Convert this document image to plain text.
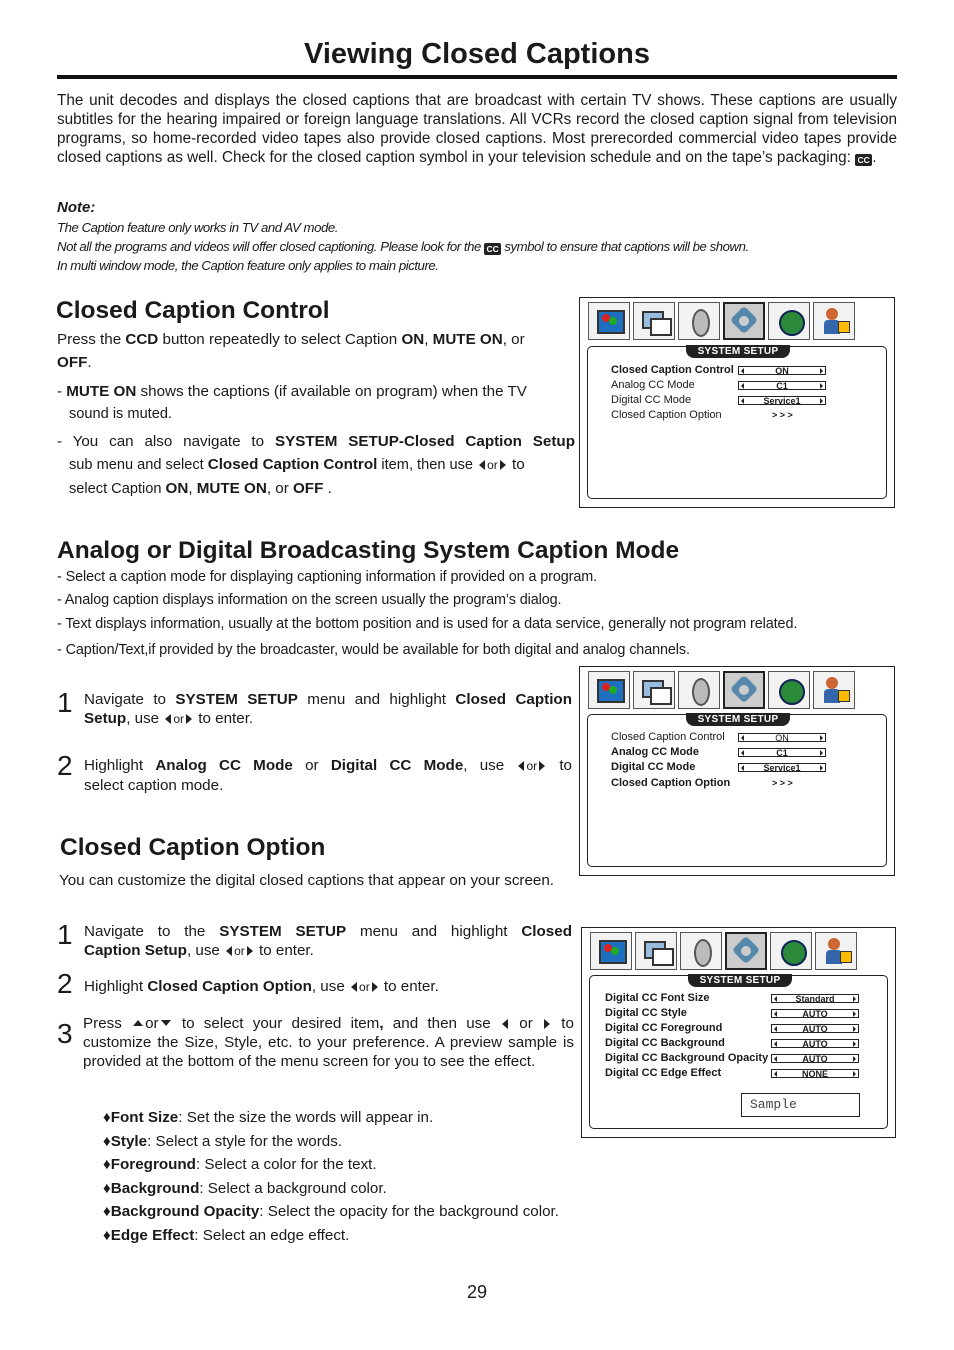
Viewing Closed Captions
The unit decodes and displays the closed captions that are broadcast with certain TV shows. These captions are usually subtitles for the hearing impaired or foreign language translations. All VCRs record the closed caption signal from television programs, so home-recorded video tapes also provide closed captions. Most prerecorded commercial video tapes provide closed captions as well. Check for the closed caption symbol in your television schedule and on the tape’s packaging: CC .
Note:
The Caption feature only works in TV and AV mode.
Not all the programs and videos will offer closed captioning. Please look for the CC symbol to ensure that captions will be shown.
In multi window mode, the Caption feature only applies to main picture.
Closed Caption Control
Press the CCD button repeatedly to select Caption ON, MUTE ON, or
OFF.
- MUTE ON shows the captions (if available on program) when the TV
sound is muted.
- You can also navigate to SYSTEM SETUP-Closed Caption Setup
sub menu and select Closed Caption Control item, then use or to
select Caption ON, MUTE ON, or OFF .
SYSTEM SETUP
Closed Caption Control	ON
Analog CC Mode	C1
Digital CC Mode	Service1
Closed Caption Option	> > >
Analog or Digital Broadcasting System Caption Mode
- Select a caption mode for displaying captioning information if provided on a program.
- Analog caption displays information on the screen usually the program’s dialog.
- Text displays information, usually at the bottom position and is used for a data service, generally not program related.
- Caption/Text,if provided by the broadcaster, would be available for both digital and analog channels.
1 Navigate to SYSTEM SETUP menu and highlight Closed Caption
Setup, use or to enter.
2 Highlight Analog CC Mode or Digital CC Mode, use or to
select caption mode.
SYSTEM SETUP
Closed Caption Control	ON
Analog CC Mode	C1
Digital CC Mode	Service1
Closed Caption Option	> > >
Closed Caption Option
You can customize the digital closed captions that appear on your screen.
1 Navigate to the SYSTEM SETUP menu and highlight Closed
Caption Setup, use or to enter.
2 Highlight Closed Caption Option, use or to enter.
3 Press or to select your desired item, and then use  or  to
customize the Size, Style, etc. to your preference. A preview sample is provided at the bottom of the menu screen for you to see the effect.
♦Font Size: Set the size the words will appear in.
♦Style: Select a style for the words.
♦Foreground: Select a color for the text.
♦Background: Select a background color.
♦Background Opacity: Select the opacity for the background color.
♦Edge Effect: Select an edge effect.
SYSTEM SETUP
Digital CC Font Size	Standard
Digital CC Style	AUTO
Digital CC Foreground	AUTO
Digital CC Background	AUTO
Digital CC Background Opacity	AUTO
Digital CC Edge Effect	NONE
Sample
29
